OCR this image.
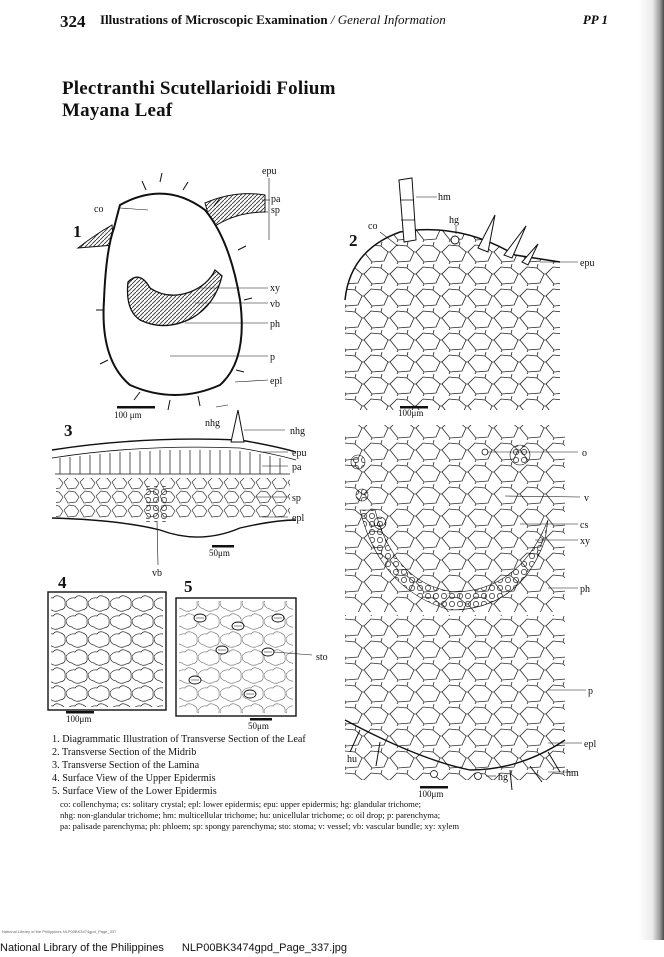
324 Illustrations of Microscopic Examination / General Information	PP 1
Plectranthi Scutellarioidi Folium
Mayana Leaf
100 μm
1
epu
pa
sp
co
xy
vb
ph
p
epl
nhg
100μm
2
hm
hg
co
epu
50μm
3	nhg
epu
pa
sp
epl
vb
100μm
4
50μm
5
sto
100μm
o
v
cs
xy
ph
p
epl
hu
hg	hm
1. Diagrammatic Illustration of Transverse Section of the Leaf
2. Transverse Section of the Midrib
3. Transverse Section of the Lamina
4. Surface View of the Upper Epidermis
5. Surface View of the Lower Epidermis
co: collenchyma; cs: solitary crystal; epl: lower epidermis; epu: upper epidermis; hg: glandular trichome;
nhg: non-glandular trichome; hm: multicellular trichome; hu: unicellular trichome; o: oil drop; p: parenchyma;
pa: palisade parenchyma; ph: phloem; sp: spongy parenchyma; sto: stoma; v: vessel; vb: vascular bundle; xy: xylem
National Library of the Philippines NLP00BK3474gpd_Page_337
National Library of the Philippines NLP00BK3474gpd_Page_337.jpg
